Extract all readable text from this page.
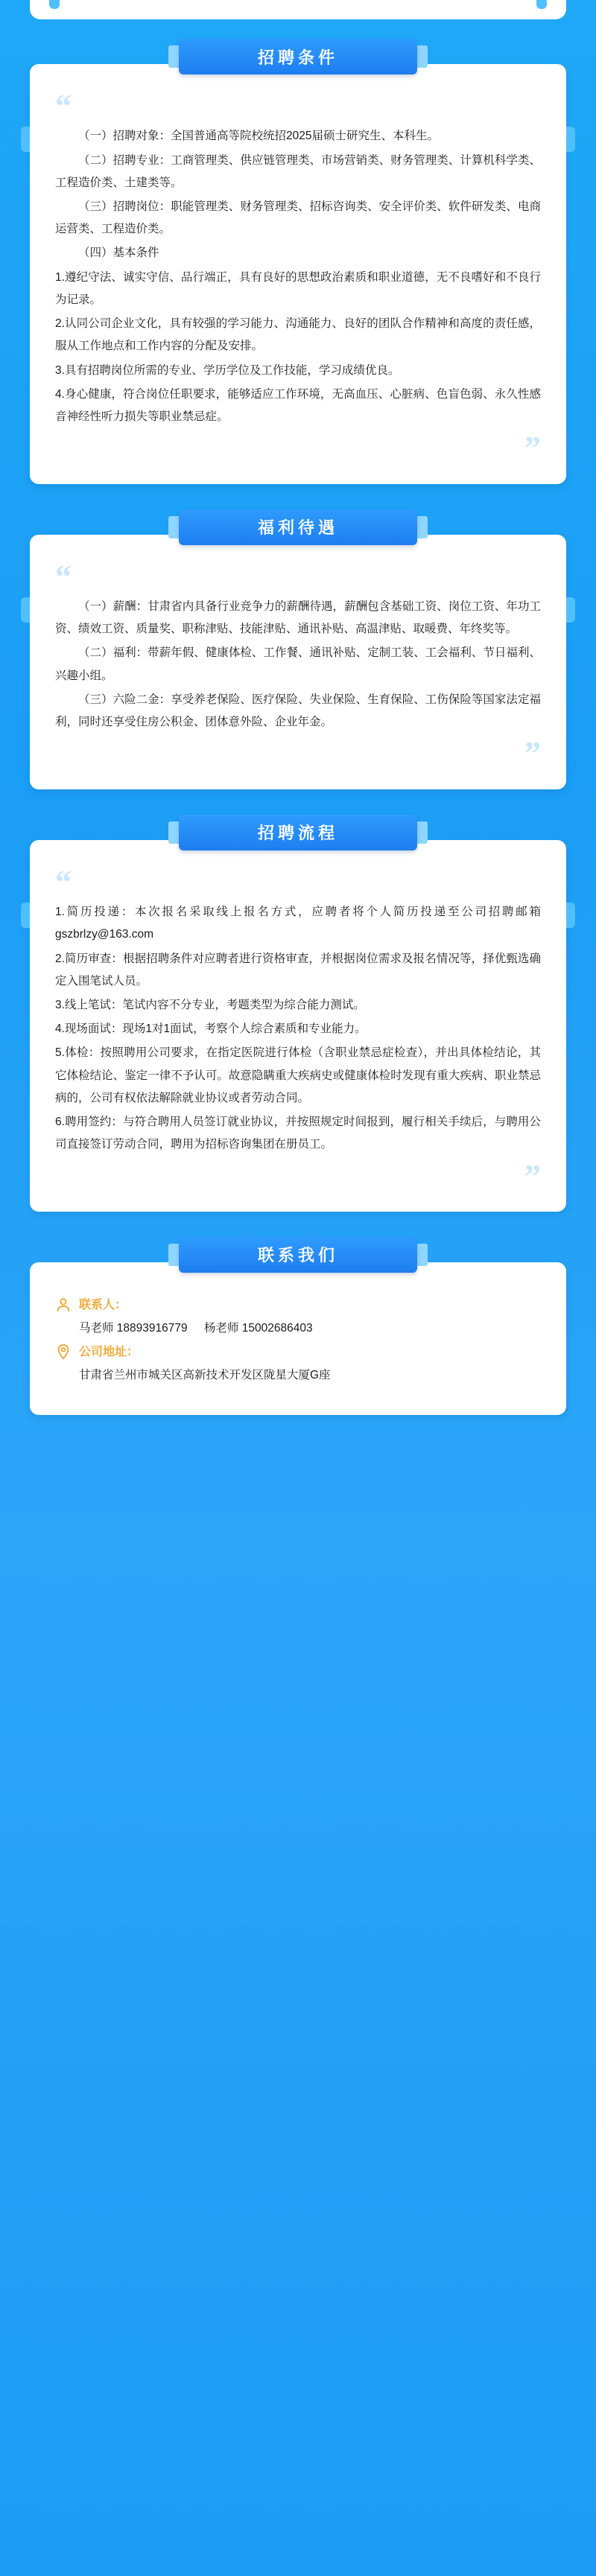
招聘条件
“

（一）招聘对象：全国普通高等院校统招2025届硕士研究生、本科生。

（二）招聘专业：工商管理类、供应链管理类、市场营销类、财务管理类、计算机科学类、工程造价类、土建类等。

（三）招聘岗位：职能管理类、财务管理类、招标咨询类、安全评价类、软件研发类、电商运营类、工程造价类。

（四）基本条件

1.遵纪守法、诚实守信、品行端正，具有良好的思想政治素质和职业道德，无不良嗜好和不良行为记录。

2.认同公司企业文化，具有较强的学习能力、沟通能力、良好的团队合作精神和高度的责任感，服从工作地点和工作内容的分配及安排。

3.具有招聘岗位所需的专业、学历学位及工作技能，学习成绩优良。

4.身心健康，符合岗位任职要求，能够适应工作环境，无高血压、心脏病、色盲色弱、永久性感音神经性听力损失等职业禁忌症。

”
福利待遇
“

（一）薪酬：甘肃省内具备行业竞争力的薪酬待遇，薪酬包含基础工资、岗位工资、年功工资、绩效工资、质量奖、职称津贴、技能津贴、通讯补贴、高温津贴、取暖费、年终奖等。

（二）福利：带薪年假、健康体检、工作餐、通讯补贴、定制工装、工会福利、节日福利、兴趣小组。

（三）六险二金：享受养老保险、医疗保险、失业保险、生育保险、工伤保险等国家法定福利，同时还享受住房公积金、团体意外险、企业年金。

”
招聘流程
“

1.简历投递：本次报名采取线上报名方式，应聘者将个人简历投递至公司招聘邮箱gszbrlzy@163.com

2.简历审查：根据招聘条件对应聘者进行资格审查，并根据岗位需求及报名情况等，择优甄选确定入围笔试人员。

3.线上笔试：笔试内容不分专业，考题类型为综合能力测试。

4.现场面试：现场1对1面试，考察个人综合素质和专业能力。

5.体检：按照聘用公司要求，在指定医院进行体检（含职业禁忌症检查），并出具体检结论，其它体检结论、鉴定一律不予认可。故意隐瞒重大疾病史或健康体检时发现有重大疾病、职业禁忌病的，公司有权依法解除就业协议或者劳动合同。

6.聘用签约：与符合聘用人员签订就业协议，并按照规定时间报到，履行相关手续后，与聘用公司直接签订劳动合同，聘用为招标咨询集团在册员工。

”
联系我们
联系人：

马老师 18893916779 杨老师 15002686403

公司地址：

甘肃省兰州市城关区高新技术开发区陇星大厦G座
